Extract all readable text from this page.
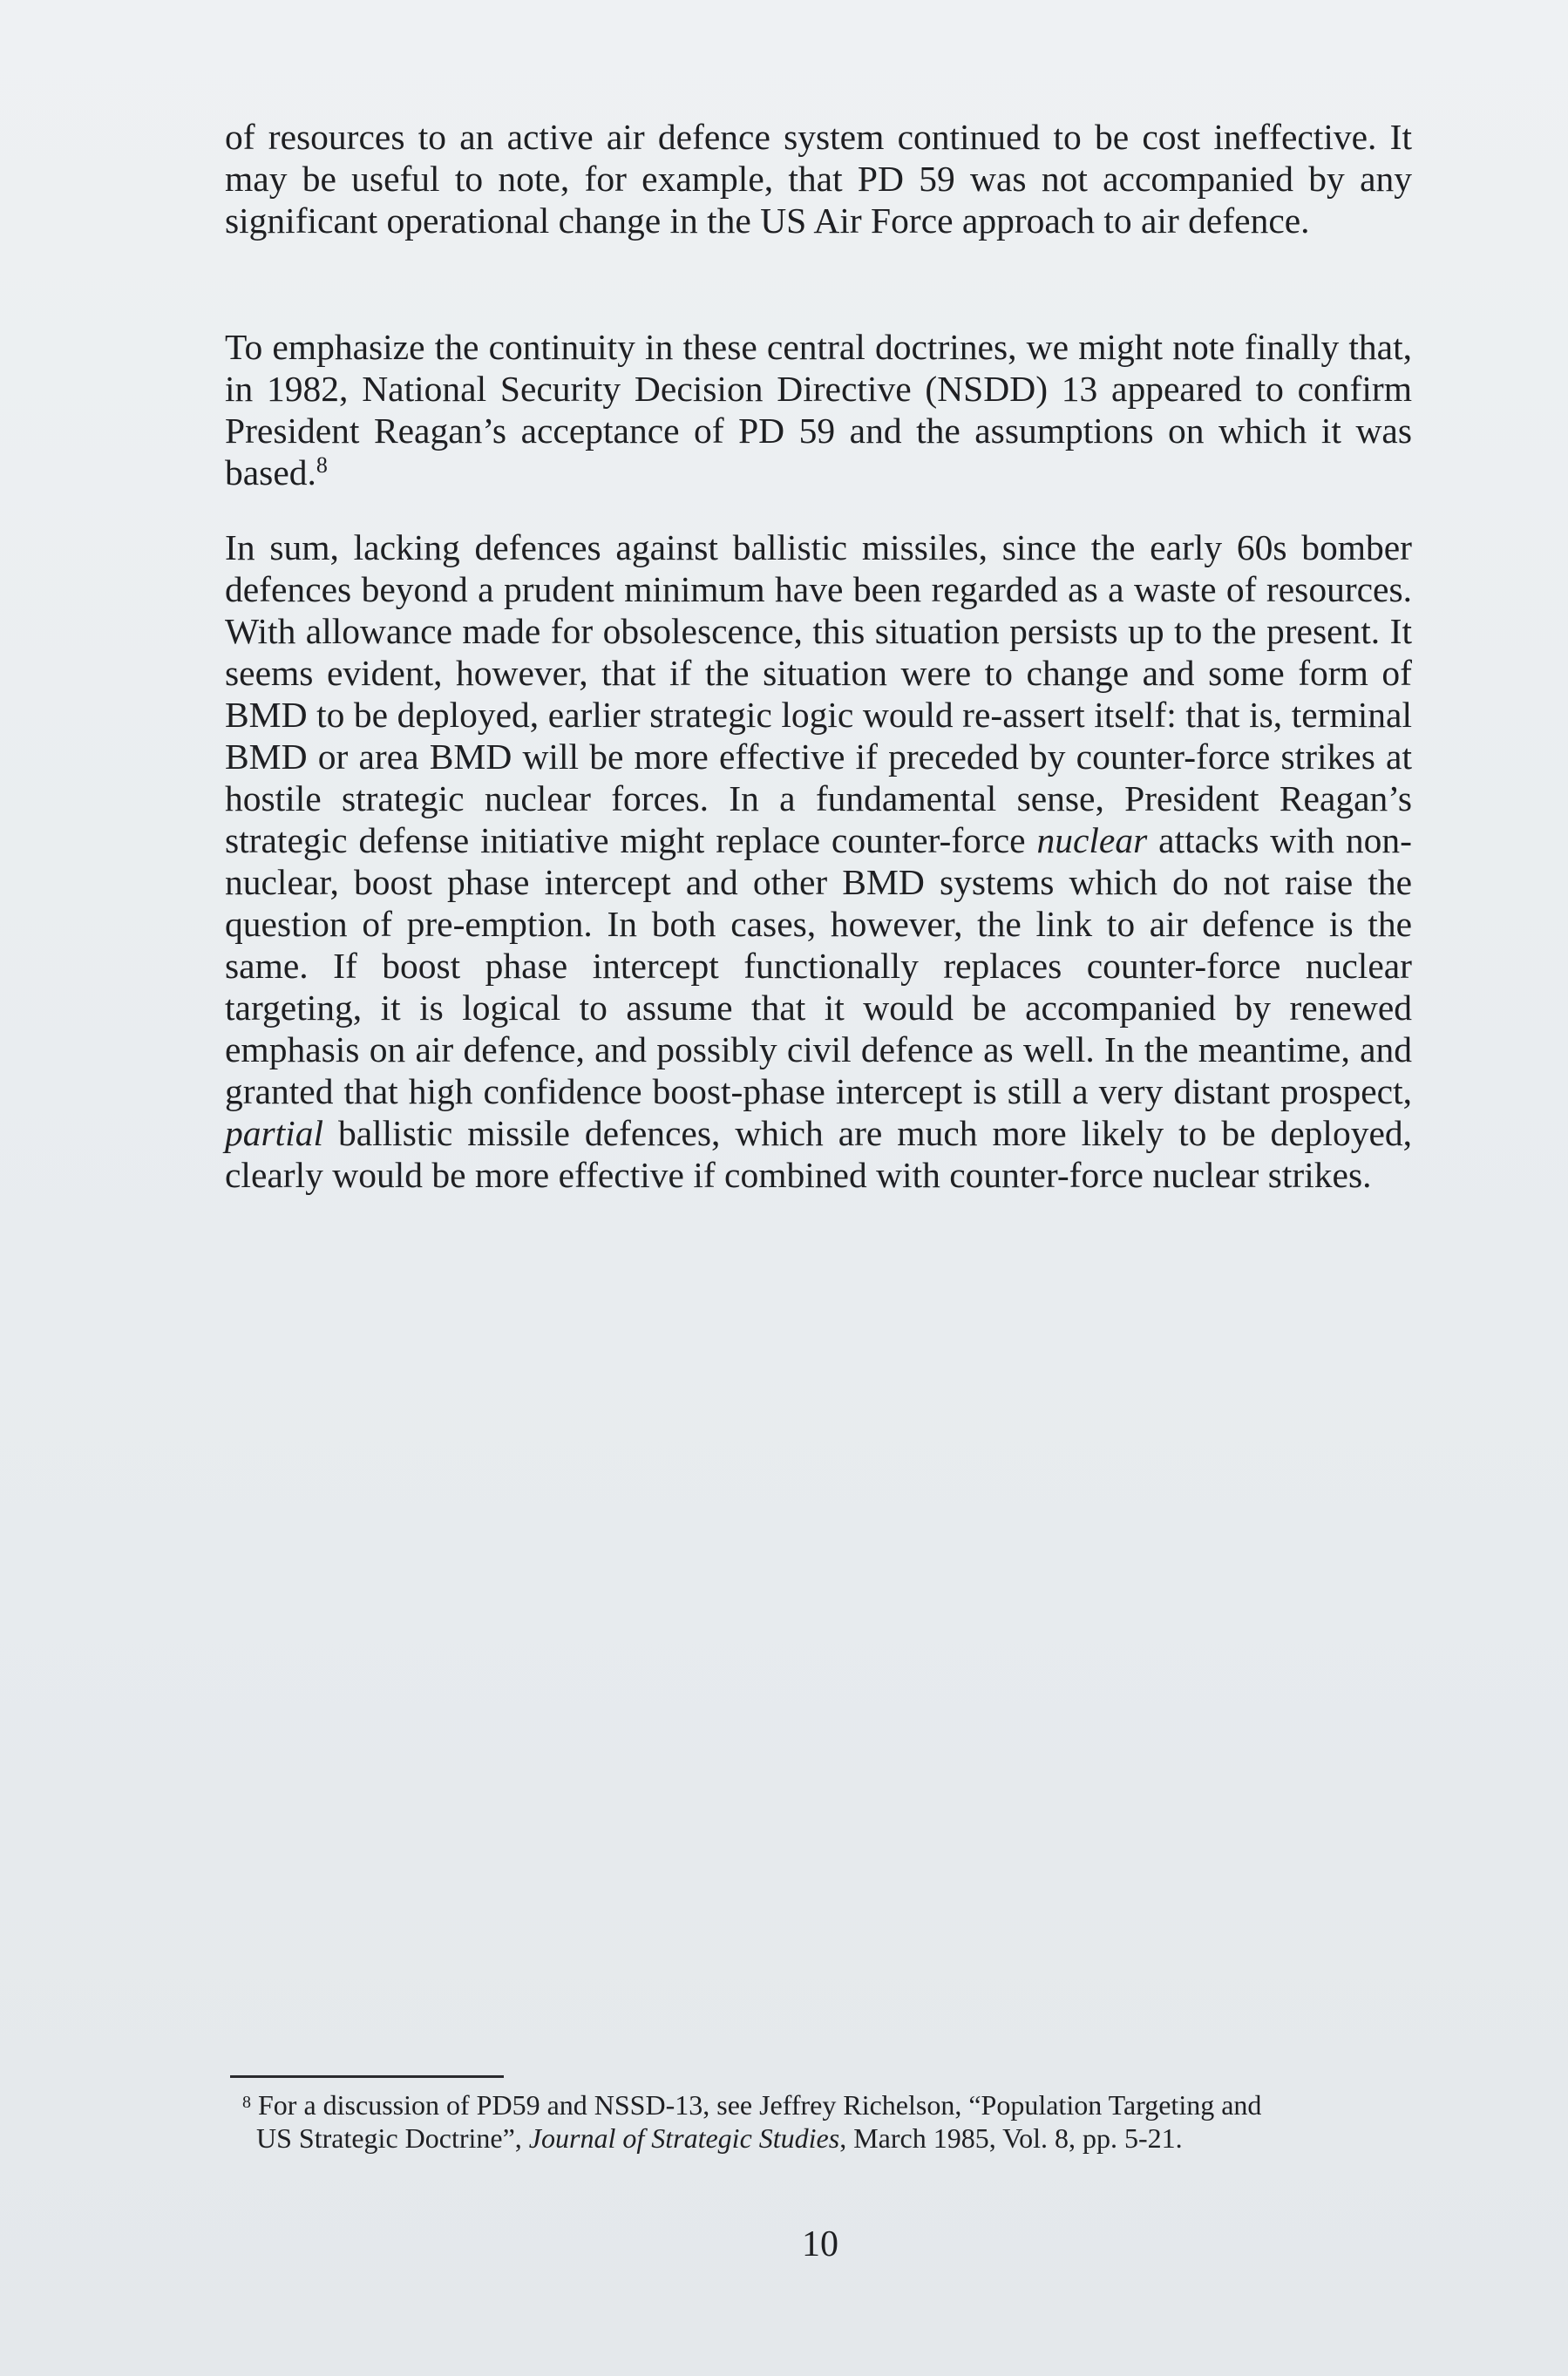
of resources to an active air defence system continued to be cost ineffective. It may be useful to note, for example, that PD 59 was not accompanied by any significant operational change in the US Air Force approach to air defence.

To emphasize the continuity in these central doctrines, we might note finally that, in 1982, National Security Decision Directive (NSDD) 13 appeared to confirm President Reagan’s acceptance of PD 59 and the assumptions on which it was based.$^8$

In sum, lacking defences against ballistic missiles, since the early 60s bomber defences beyond a prudent minimum have been regarded as a waste of resources. With allowance made for obsolescence, this situation persists up to the present. It seems evident, however, that if the situation were to change and some form of BMD to be deployed, earlier strategic logic would re-assert itself: that is, terminal BMD or area BMD will be more effective if preceded by counter-force strikes at hostile strategic nuclear forces. In a fundamental sense, President Reagan’s strategic defense initiative might replace counter-force nuclear attacks with non-nuclear, boost phase intercept and other BMD systems which do not raise the question of pre-emption. In both cases, however, the link to air defence is the same. If boost phase intercept functionally replaces counter-force nuclear targeting, it is logical to assume that it would be accompanied by renewed emphasis on air defence, and possibly civil defence as well. In the meantime, and granted that high confidence boost-phase intercept is still a very distant prospect, partial ballistic missile defences, which are much more likely to be deployed, clearly would be more effective if combined with counter-force nuclear strikes.

$^8$ For a discussion of PD59 and NSSD-13, see Jeffrey Richelson, “Population Targeting and
US Strategic Doctrine”, Journal of Strategic Studies, March 1985, Vol. 8, pp. 5-21.

10
